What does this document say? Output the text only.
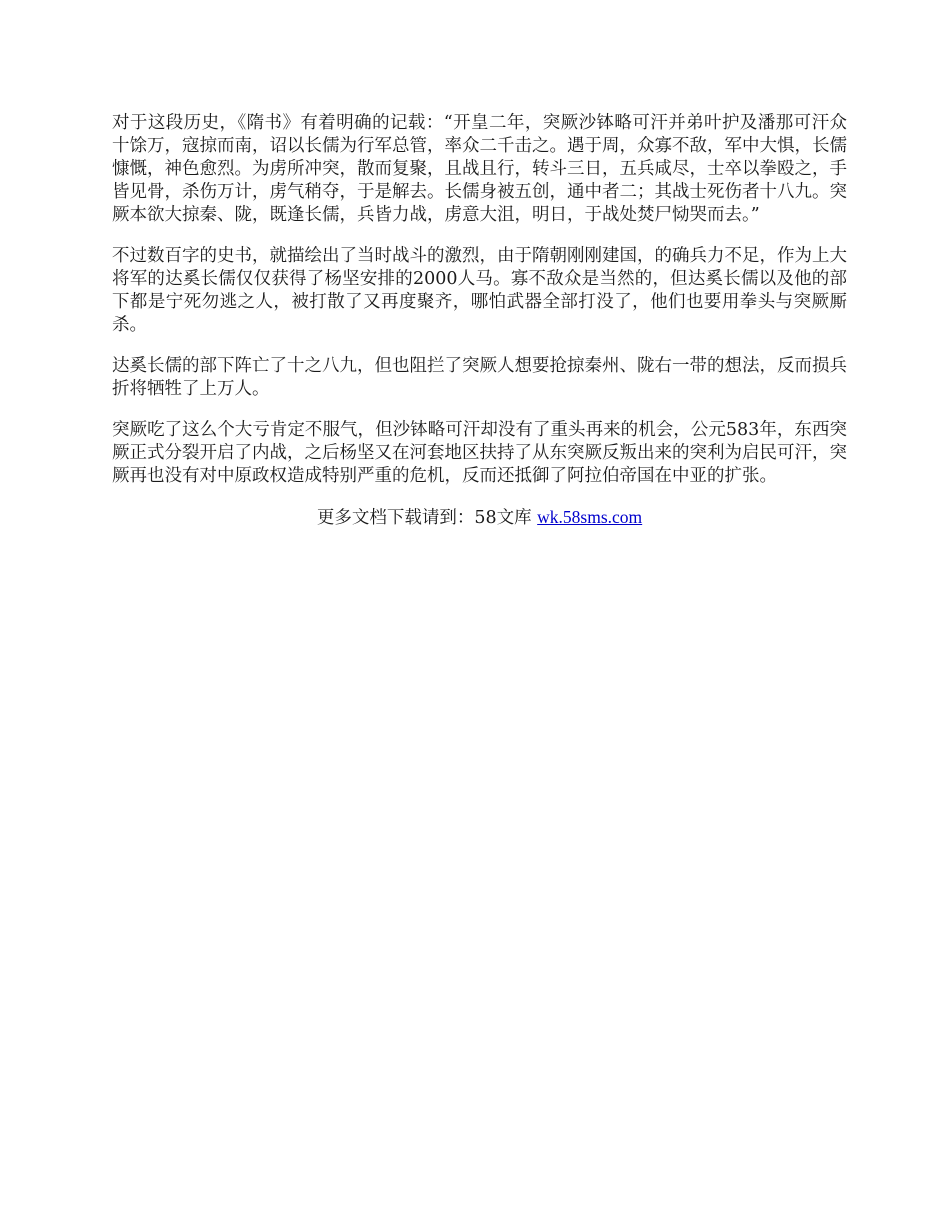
对于这段历史，《隋书》有着明确的记载：“开皇二年，突厥沙钵略可汗并弟叶护及潘那可汗众十馀万，寇掠而南，诏以长儒为行军总管，率众二千击之。遇于周，众寡不敌，军中大惧，长儒慷慨，神色愈烈。为虏所冲突，散而复聚，且战且行，转斗三日，五兵咸尽，士卒以拳殴之，手皆见骨，杀伤万计，虏气稍夺，于是解去。长儒身被五创，通中者二；其战士死伤者十八九。突厥本欲大掠秦、陇，既逢长儒，兵皆力战，虏意大沮，明日，于战处焚尸恸哭而去。”

不过数百字的史书，就描绘出了当时战斗的激烈，由于隋朝刚刚建国，的确兵力不足，作为上大将军的达奚长儒仅仅获得了杨坚安排的2000人马。寡不敌众是当然的，但达奚长儒以及他的部下都是宁死勿逃之人，被打散了又再度聚齐，哪怕武器全部打没了，他们也要用拳头与突厥厮杀。

达奚长儒的部下阵亡了十之八九，但也阻拦了突厥人想要抢掠秦州、陇右一带的想法，反而损兵折将牺牲了上万人。

突厥吃了这么个大亏肯定不服气，但沙钵略可汗却没有了重头再来的机会，公元583年，东西突厥正式分裂开启了内战，之后杨坚又在河套地区扶持了从东突厥反叛出来的突利为启民可汗，突厥再也没有对中原政权造成特别严重的危机，反而还抵御了阿拉伯帝国在中亚的扩张。

更多文档下载请到：58文库 wk.58sms.com
